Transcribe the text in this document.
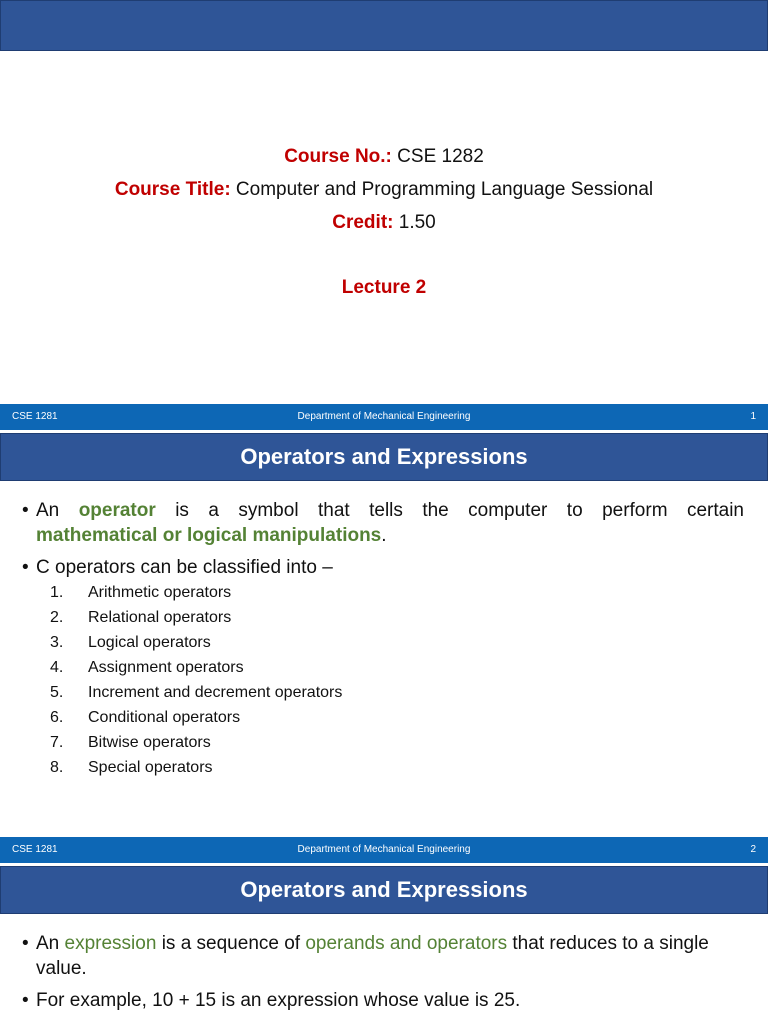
Course No.: CSE 1282
Course Title: Computer and Programming Language Sessional
Credit: 1.50
Lecture 2
CSE 1281	Department of Mechanical Engineering	1
Operators and Expressions
• An operator is a symbol that tells the computer to perform certain
mathematical or logical manipulations.
• C operators can be classified into –
1.	Arithmetic operators
2.	Relational operators
3.	Logical operators
4.	Assignment operators
5.	Increment and decrement operators
6.	Conditional operators
7.	Bitwise operators
8.	Special operators
CSE 1281	Department of Mechanical Engineering	2
Operators and Expressions
• An expression is a sequence of operands and operators that reduces to a single value.
• For example, 10 + 15 is an expression whose value is 25.
